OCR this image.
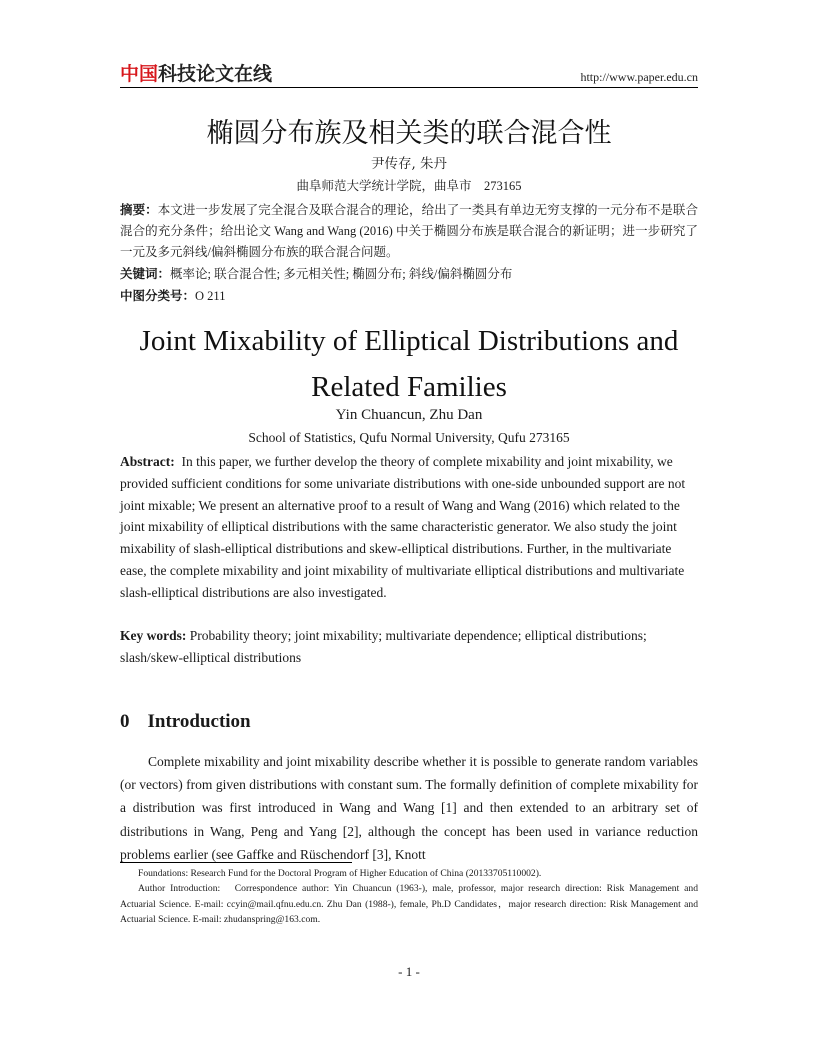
中国科技论文在线	http://www.paper.edu.cn
椭圆分布族及相关类的联合混合性
尹传存, 朱丹
曲阜师范大学统计学院，曲阜市　273165
摘要：本文进一步发展了完全混合及联合混合的理论，给出了一类具有单边无穷支撑的一元分布不是联合混合的充分条件；给出论文 Wang and Wang (2016) 中关于椭圆分布族是联合混合的新证明；进一步研究了一元及多元斜线/偏斜椭圆分布族的联合混合问题。
关键词：概率论; 联合混合性; 多元相关性; 椭圆分布; 斜线/偏斜椭圆分布
中图分类号：O 211
Joint Mixability of Elliptical Distributions and
Related Families
Yin Chuancun, Zhu Dan
School of Statistics, Qufu Normal University, Qufu 273165
Abstract: In this paper, we further develop the theory of complete mixability and joint mixability, we provided sufficient conditions for some univariate distributions with one-side unbounded support are not joint mixable; We present an alternative proof to a result of Wang and Wang (2016) which related to the joint mixability of elliptical distributions with the same characteristic generator. We also study the joint mixability of slash-elliptical distributions and skew-elliptical distributions. Further, in the multivariate ease, the complete mixability and joint mixability of multivariate elliptical distributions and multivariate slash-elliptical distributions are also investigated.
Key words: Probability theory; joint mixability; multivariate dependence; elliptical distributions; slash/skew-elliptical distributions
0 Introduction
Complete mixability and joint mixability describe whether it is possible to generate random variables (or vectors) from given distributions with constant sum. The formally definition of complete mixability for a distribution was first introduced in Wang and Wang [1] and then extended to an arbitrary set of distributions in Wang, Peng and Yang [2], although the concept has been used in variance reduction problems earlier (see Gaffke and Rüschendorf [3], Knott
Foundations: Research Fund for the Doctoral Program of Higher Education of China (20133705110002).
Author Introduction:　Correspondence author: Yin Chuancun (1963-), male, professor, major research direction: Risk Management and Actuarial Science. E-mail: ccyin@mail.qfnu.edu.cn. Zhu Dan (1988-), female, Ph.D Candidates，major research direction: Risk Management and Actuarial Science. E-mail: zhudanspring@163.com.
- 1 -
